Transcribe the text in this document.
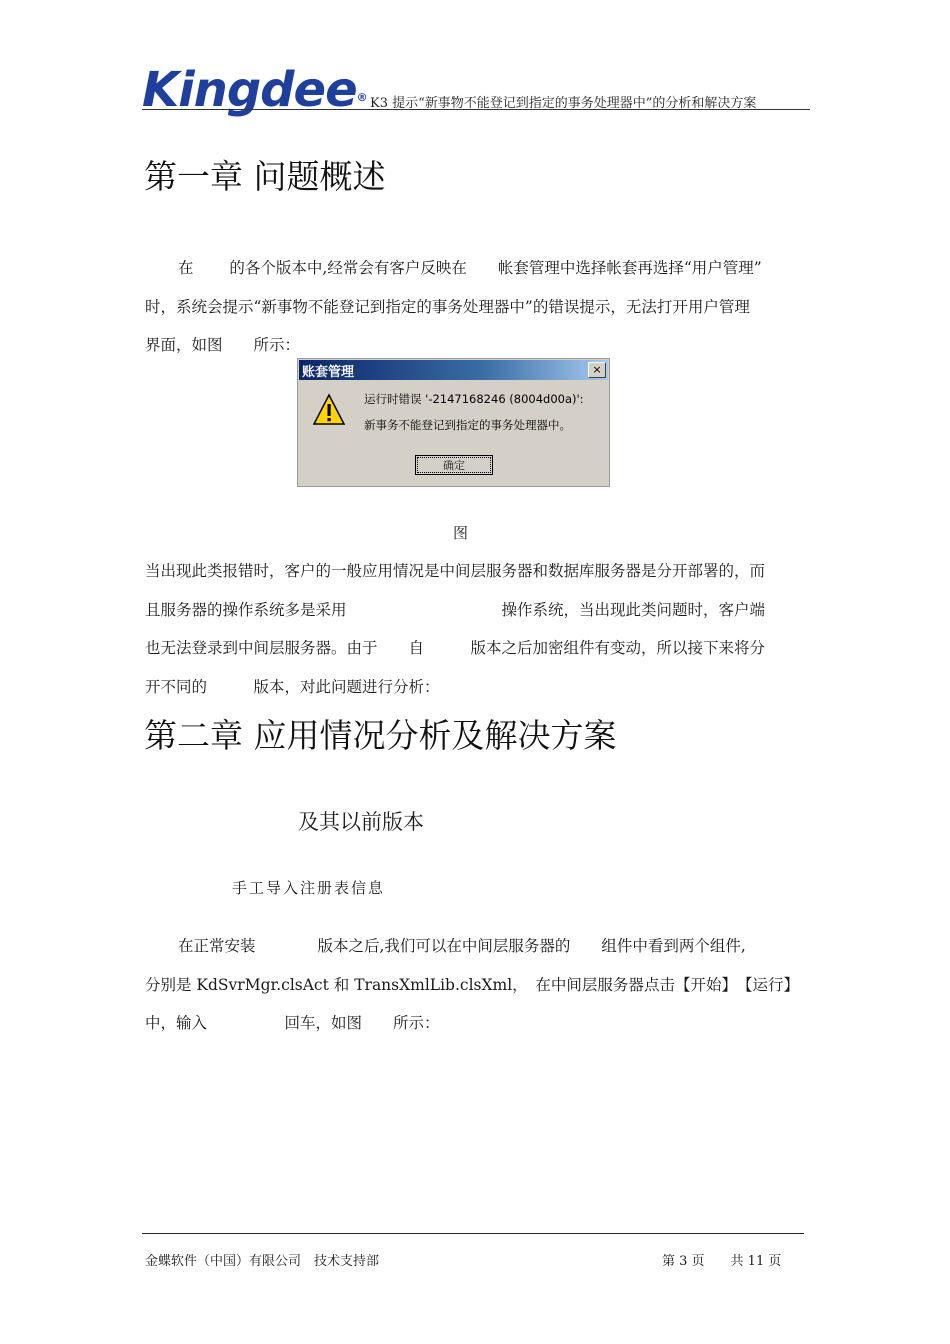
Kingdee® K3 提示“新事物不能登记到指定的事务处理器中”的分析和解决方案
第一章 问题概述
在 　　的各个版本中,经常会有客户反映在　　帐套管理中选择帐套再选择“用户管理”
时，系统会提示“新事物不能登记到指定的事务处理器中”的错误提示，无法打开用户管理
界面，如图　　所示：
账套管理	×
运行时错误 '-2147168246 (8004d00a)':
新事务不能登记到指定的事务处理器中。
确定
图
当出现此类报错时，客户的一般应用情况是中间层服务器和数据库服务器是分开部署的，而
且服务器的操作系统多是采用　　　　　　　　　　操作系统，当出现此类问题时，客户端
也无法登录到中间层服务器。由于　　自　　　版本之后加密组件有变动，所以接下来将分
开不同的　　　版本，对此问题进行分析：
第二章 应用情况分析及解决方案
及其以前版本
手工导入注册表信息
在正常安装　　　　版本之后,我们可以在中间层服务器的　　组件中看到两个组件,
分别是 KdSvrMgr.clsAct 和 TransXmlLib.clsXml，　在中间层服务器点击【开始】　【运行】
中，输入　　　　　回车，如图　　所示：
金蝶软件（中国）有限公司　技术支持部	第 3 页　　共 11 页
